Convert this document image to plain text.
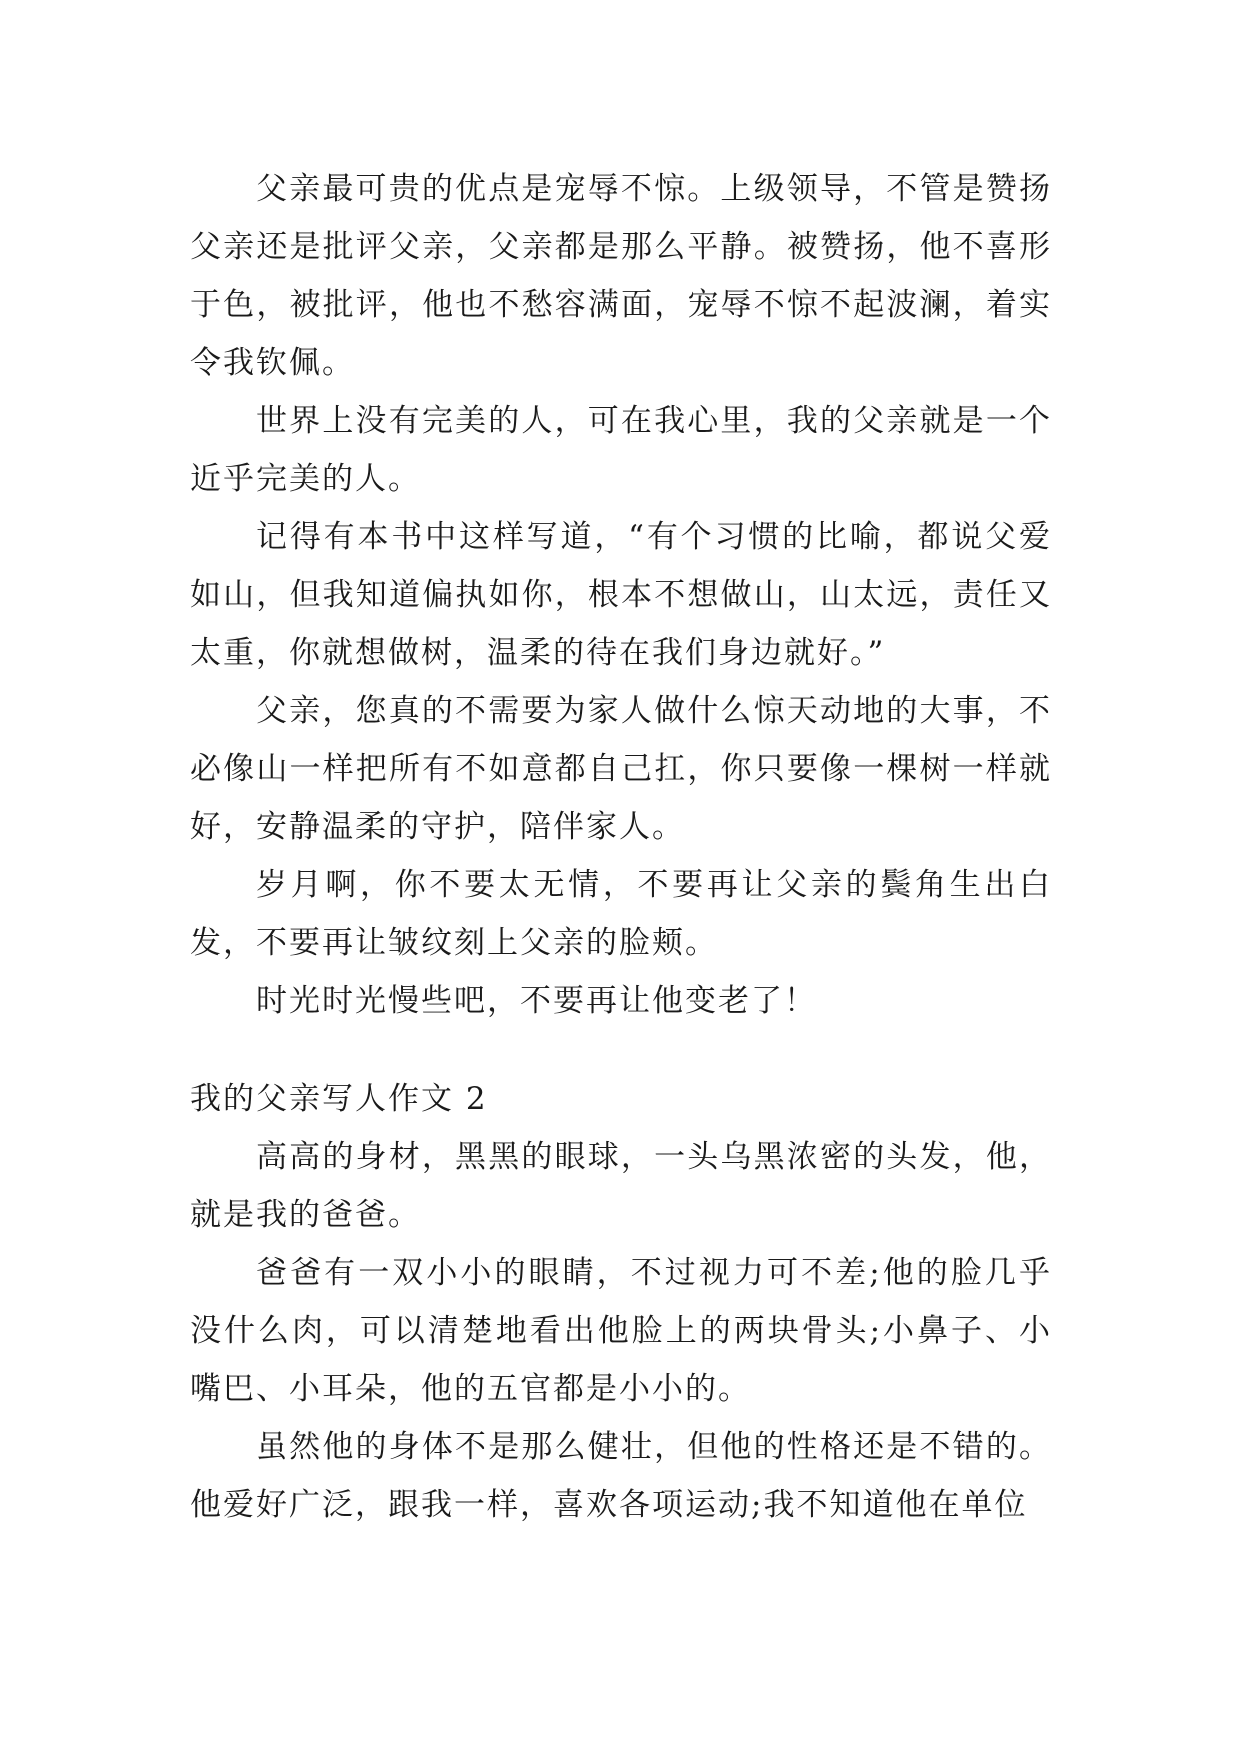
父亲最可贵的优点是宠辱不惊。上级领导，不管是赞扬父亲还是批评父亲，父亲都是那么平静。被赞扬，他不喜形于色，被批评，他也不愁容满面，宠辱不惊不起波澜，着实令我钦佩。

世界上没有完美的人，可在我心里，我的父亲就是一个近乎完美的人。

记得有本书中这样写道，“有个习惯的比喻，都说父爱如山，但我知道偏执如你，根本不想做山，山太远，责任又太重，你就想做树，温柔的待在我们身边就好。”

父亲，您真的不需要为家人做什么惊天动地的大事，不必像山一样把所有不如意都自己扛，你只要像一棵树一样就好，安静温柔的守护，陪伴家人。

岁月啊，你不要太无情，不要再让父亲的鬓角生出白发，不要再让皱纹刻上父亲的脸颊。

时光时光慢些吧，不要再让他变老了！

我的父亲写人作文 2

高高的身材，黑黑的眼球，一头乌黑浓密的头发，他，就是我的爸爸。

爸爸有一双小小的眼睛，不过视力可不差;他的脸几乎没什么肉，可以清楚地看出他脸上的两块骨头;小鼻子、小嘴巴、小耳朵，他的五官都是小小的。

虽然他的身体不是那么健壮，但他的性格还是不错的。他爱好广泛，跟我一样，喜欢各项运动;我不知道他在单位
